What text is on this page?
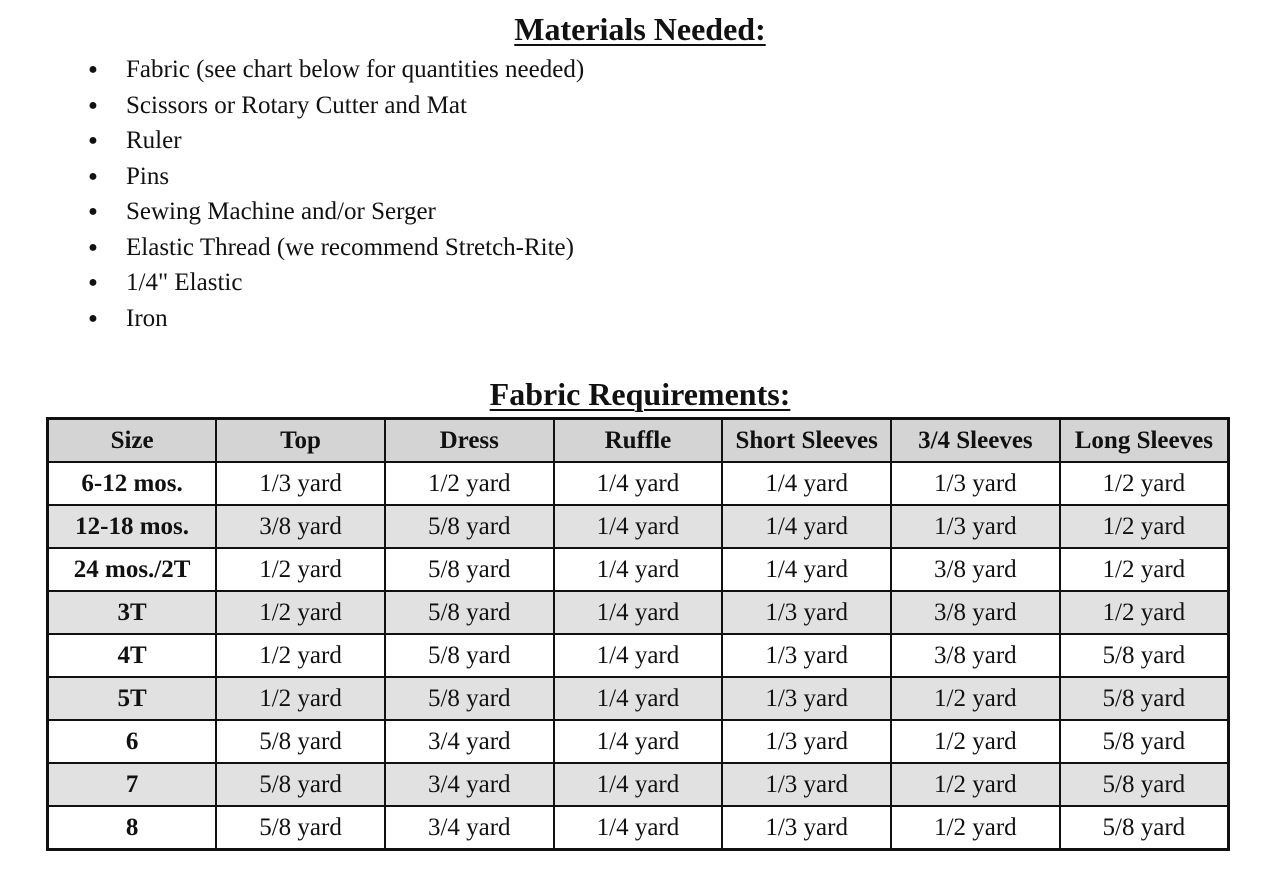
Materials Needed:
● Fabric (see chart below for quantities needed)
● Scissors or Rotary Cutter and Mat
● Ruler
● Pins
● Sewing Machine and/or Serger
● Elastic Thread (we recommend Stretch-Rite)
● 1/4" Elastic
● Iron
Fabric Requirements:
Size	Top	Dress	Ruffle	Short Sleeves	3/4 Sleeves	Long Sleeves
6-12 mos.	1/3 yard	1/2 yard	1/4 yard	1/4 yard	1/3 yard	1/2 yard
12-18 mos.	3/8 yard	5/8 yard	1/4 yard	1/4 yard	1/3 yard	1/2 yard
24 mos./2T	1/2 yard	5/8 yard	1/4 yard	1/4 yard	3/8 yard	1/2 yard
3T	1/2 yard	5/8 yard	1/4 yard	1/3 yard	3/8 yard	1/2 yard
4T	1/2 yard	5/8 yard	1/4 yard	1/3 yard	3/8 yard	5/8 yard
5T	1/2 yard	5/8 yard	1/4 yard	1/3 yard	1/2 yard	5/8 yard
6	5/8 yard	3/4 yard	1/4 yard	1/3 yard	1/2 yard	5/8 yard
7	5/8 yard	3/4 yard	1/4 yard	1/3 yard	1/2 yard	5/8 yard
8	5/8 yard	3/4 yard	1/4 yard	1/3 yard	1/2 yard	5/8 yard
